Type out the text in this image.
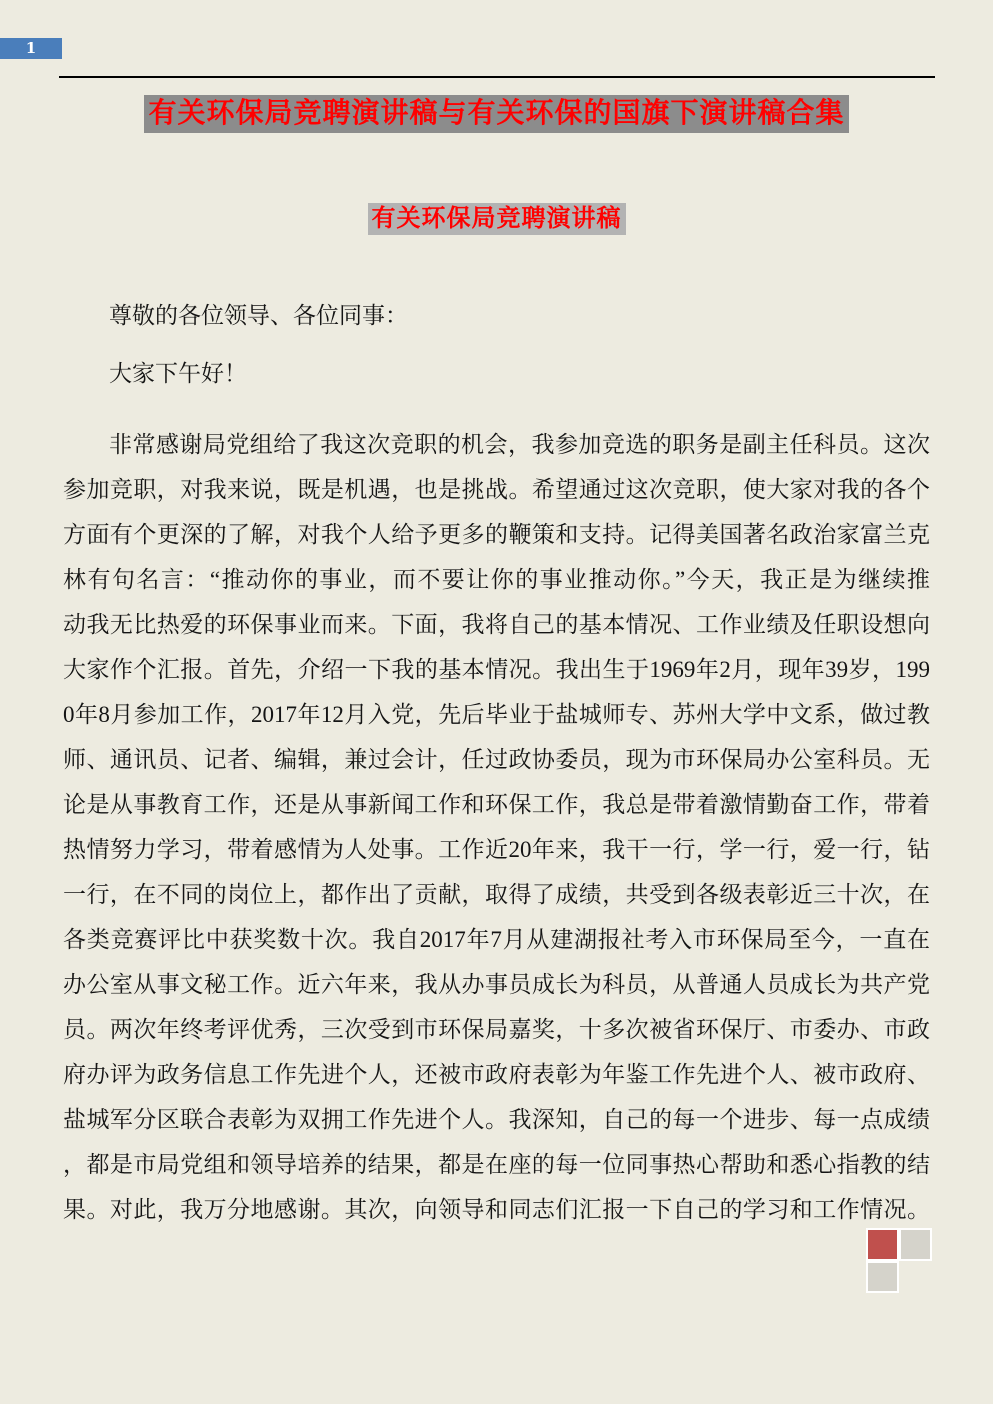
1
有关环保局竞聘演讲稿与有关环保的国旗下演讲稿合集
有关环保局竞聘演讲稿
尊敬的各位领导、各位同事：
大家下午好！
非常感谢局党组给了我这次竞职的机会，我参加竞选的职务是副主任科员。这次
参加竞职，对我来说，既是机遇，也是挑战。希望通过这次竞职，使大家对我的各个
方面有个更深的了解，对我个人给予更多的鞭策和支持。记得美国著名政治家富兰克
林有句名言：“推动你的事业，而不要让你的事业推动你。”今天，我正是为继续推
动我无比热爱的环保事业而来。下面，我将自己的基本情况、工作业绩及任职设想向
大家作个汇报。首先，介绍一下我的基本情况。我出生于1969年2月，现年39岁，199
0年8月参加工作，2017年12月入党，先后毕业于盐城师专、苏州大学中文系，做过教
师、通讯员、记者、编辑，兼过会计，任过政协委员，现为市环保局办公室科员。无
论是从事教育工作，还是从事新闻工作和环保工作，我总是带着激情勤奋工作，带着
热情努力学习，带着感情为人处事。工作近20年来，我干一行，学一行，爱一行，钻
一行，在不同的岗位上，都作出了贡献，取得了成绩，共受到各级表彰近三十次，在
各类竞赛评比中获奖数十次。我自2017年7月从建湖报社考入市环保局至今，一直在
办公室从事文秘工作。近六年来，我从办事员成长为科员，从普通人员成长为共产党
员。两次年终考评优秀，三次受到市环保局嘉奖，十多次被省环保厅、市委办、市政
府办评为政务信息工作先进个人，还被市政府表彰为年鉴工作先进个人、被市政府、
盐城军分区联合表彰为双拥工作先进个人。我深知，自己的每一个进步、每一点成绩
，都是市局党组和领导培养的结果，都是在座的每一位同事热心帮助和悉心指教的结
果。对此，我万分地感谢。其次，向领导和同志们汇报一下自己的学习和工作情况。
